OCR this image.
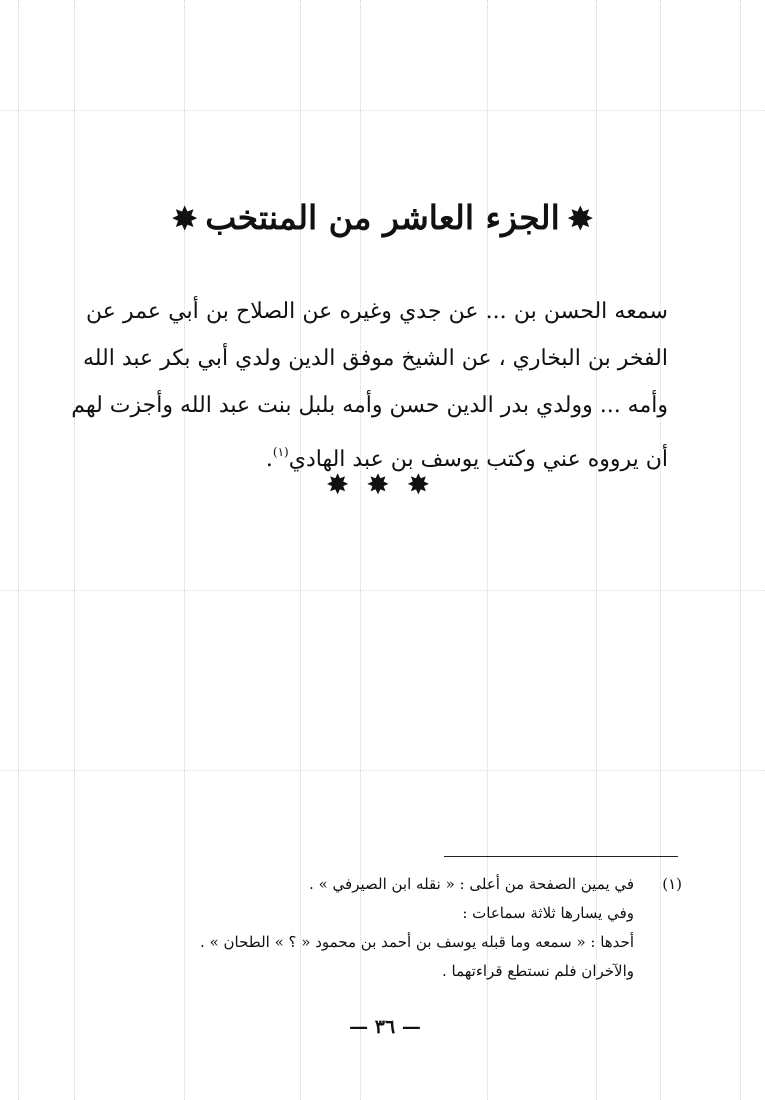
✸الجزء العاشر من المنتخب✸
سمعه الحسن بن ... عن جدي وغيره عن الصلاح بن أبي عمر عن
الفخر بن البخاري ، عن الشيخ موفق الدين ولدي أبي بكر عبد الله
وأمه ... وولدي بدر الدين حسن وأمه بلبل بنت عبد الله وأجزت لهم
أن يرووه عني وكتب يوسف بن عبد الهادي$^{(١)}$.
✸ ✸ ✸
(١)في يمين الصفحة من أعلى : « نقله ابن الصيرفي » .
وفي يسارها ثلاثة سماعات :
أحدها : « سمعه وما قبله يوسف بن أحمد بن محمود « ؟ » الطحان » .
والآخران فلم نستطع قراءتهما .
— ٣٦ —
